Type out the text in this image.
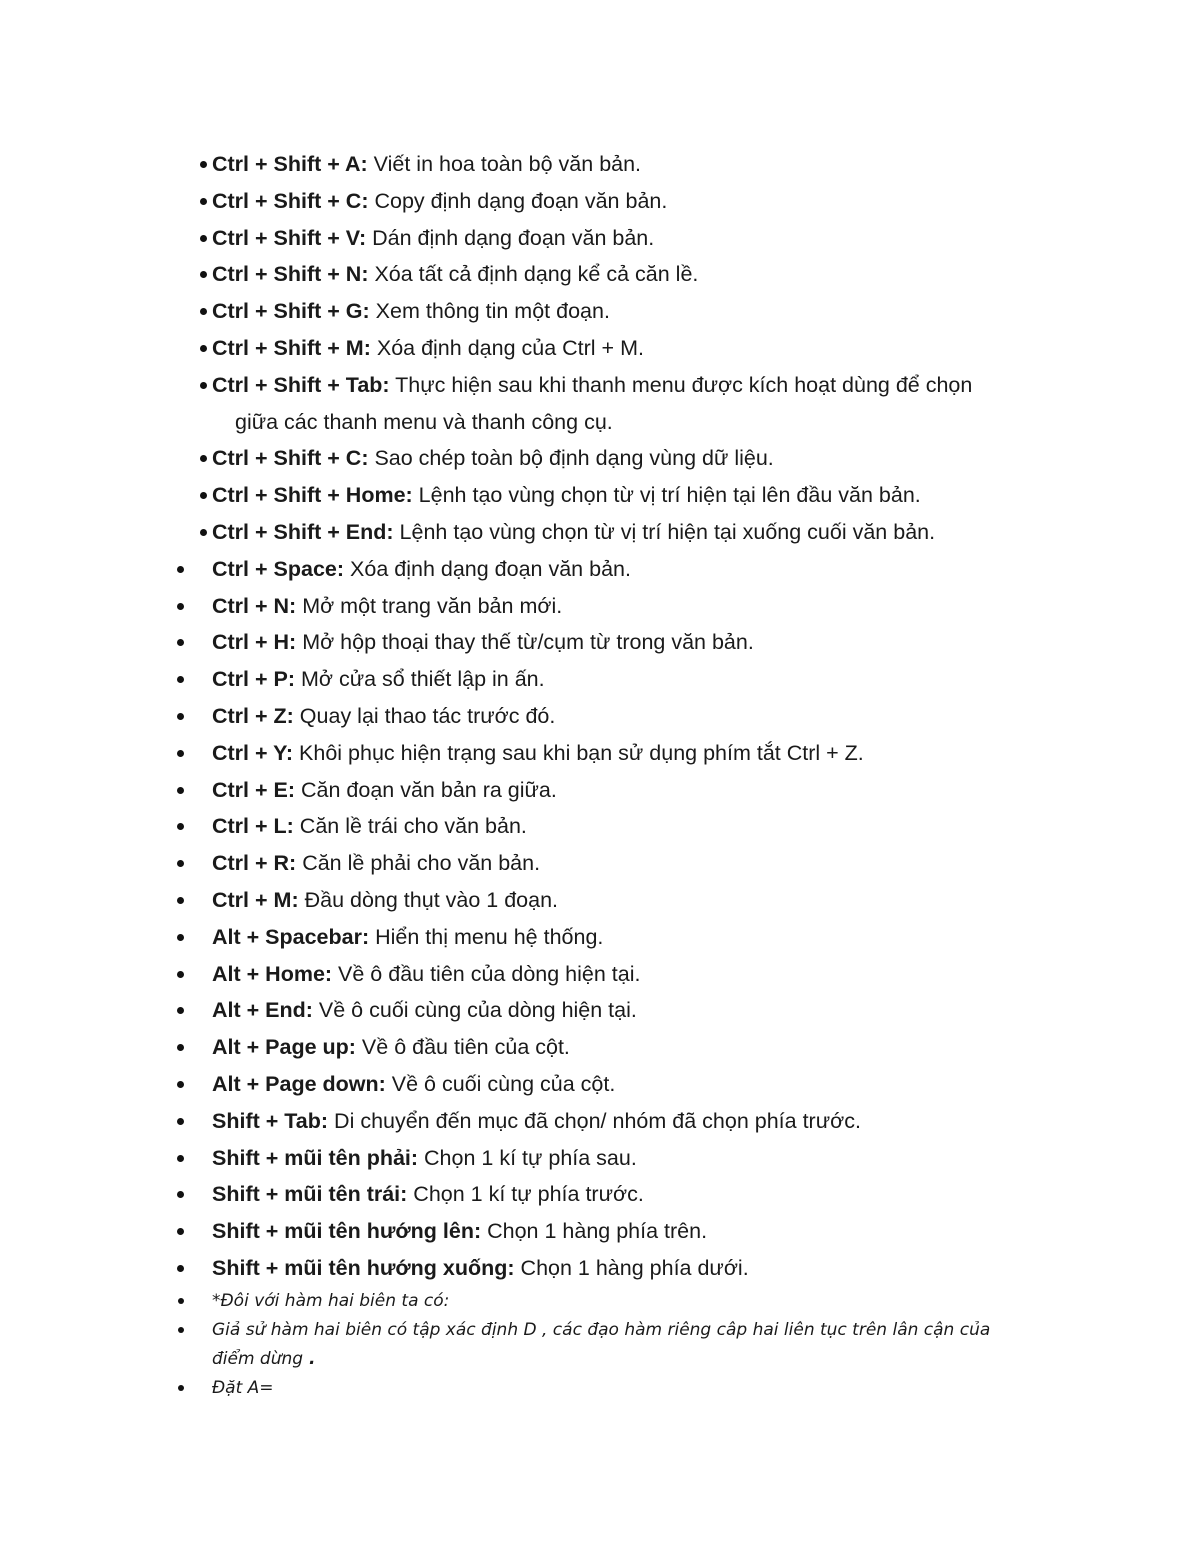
Ctrl + Shift + A: Viết in hoa toàn bộ văn bản.
Ctrl + Shift + C: Copy định dạng đoạn văn bản.
Ctrl + Shift + V: Dán định dạng đoạn văn bản.
Ctrl + Shift + N: Xóa tất cả định dạng kể cả căn lề.
Ctrl + Shift + G: Xem thông tin một đoạn.
Ctrl + Shift + M: Xóa định dạng của Ctrl + M.
Ctrl + Shift + Tab: Thực hiện sau khi thanh menu được kích hoạt dùng để chọn
giữa các thanh menu và thanh công cụ.
Ctrl + Shift + C: Sao chép toàn bộ định dạng vùng dữ liệu.
Ctrl + Shift + Home: Lệnh tạo vùng chọn từ vị trí hiện tại lên đầu văn bản.
Ctrl + Shift + End: Lệnh tạo vùng chọn từ vị trí hiện tại xuống cuối văn bản.
Ctrl + Space: Xóa định dạng đoạn văn bản.
Ctrl + N: Mở một trang văn bản mới.
Ctrl + H: Mở hộp thoại thay thế từ/cụm từ trong văn bản.
Ctrl + P: Mở cửa sổ thiết lập in ấn.
Ctrl + Z: Quay lại thao tác trước đó.
Ctrl + Y: Khôi phục hiện trạng sau khi bạn sử dụng phím tắt Ctrl + Z.
Ctrl + E: Căn đoạn văn bản ra giữa.
Ctrl + L: Căn lề trái cho văn bản.
Ctrl + R: Căn lề phải cho văn bản.
Ctrl + M: Đầu dòng thụt vào 1 đoạn.
Alt + Spacebar: Hiển thị menu hệ thống.
Alt + Home: Về ô đầu tiên của dòng hiện tại.
Alt + End: Về ô cuối cùng của dòng hiện tại.
Alt + Page up: Về ô đầu tiên của cột.
Alt + Page down: Về ô cuối cùng của cột.
Shift + Tab: Di chuyển đến mục đã chọn/ nhóm đã chọn phía trước.
Shift + mũi tên phải: Chọn 1 kí tự phía sau.
Shift + mũi tên trái: Chọn 1 kí tự phía trước.
Shift + mũi tên hướng lên: Chọn 1 hàng phía trên.
Shift + mũi tên hướng xuống: Chọn 1 hàng phía dưới.
*Đôi với hàm hai biên ta có:
Giả sử hàm hai biên có tập xác định D , các đạo hàm riêng câp hai liên tục trên lân cận của
điểm dừng .
Đặt A=
